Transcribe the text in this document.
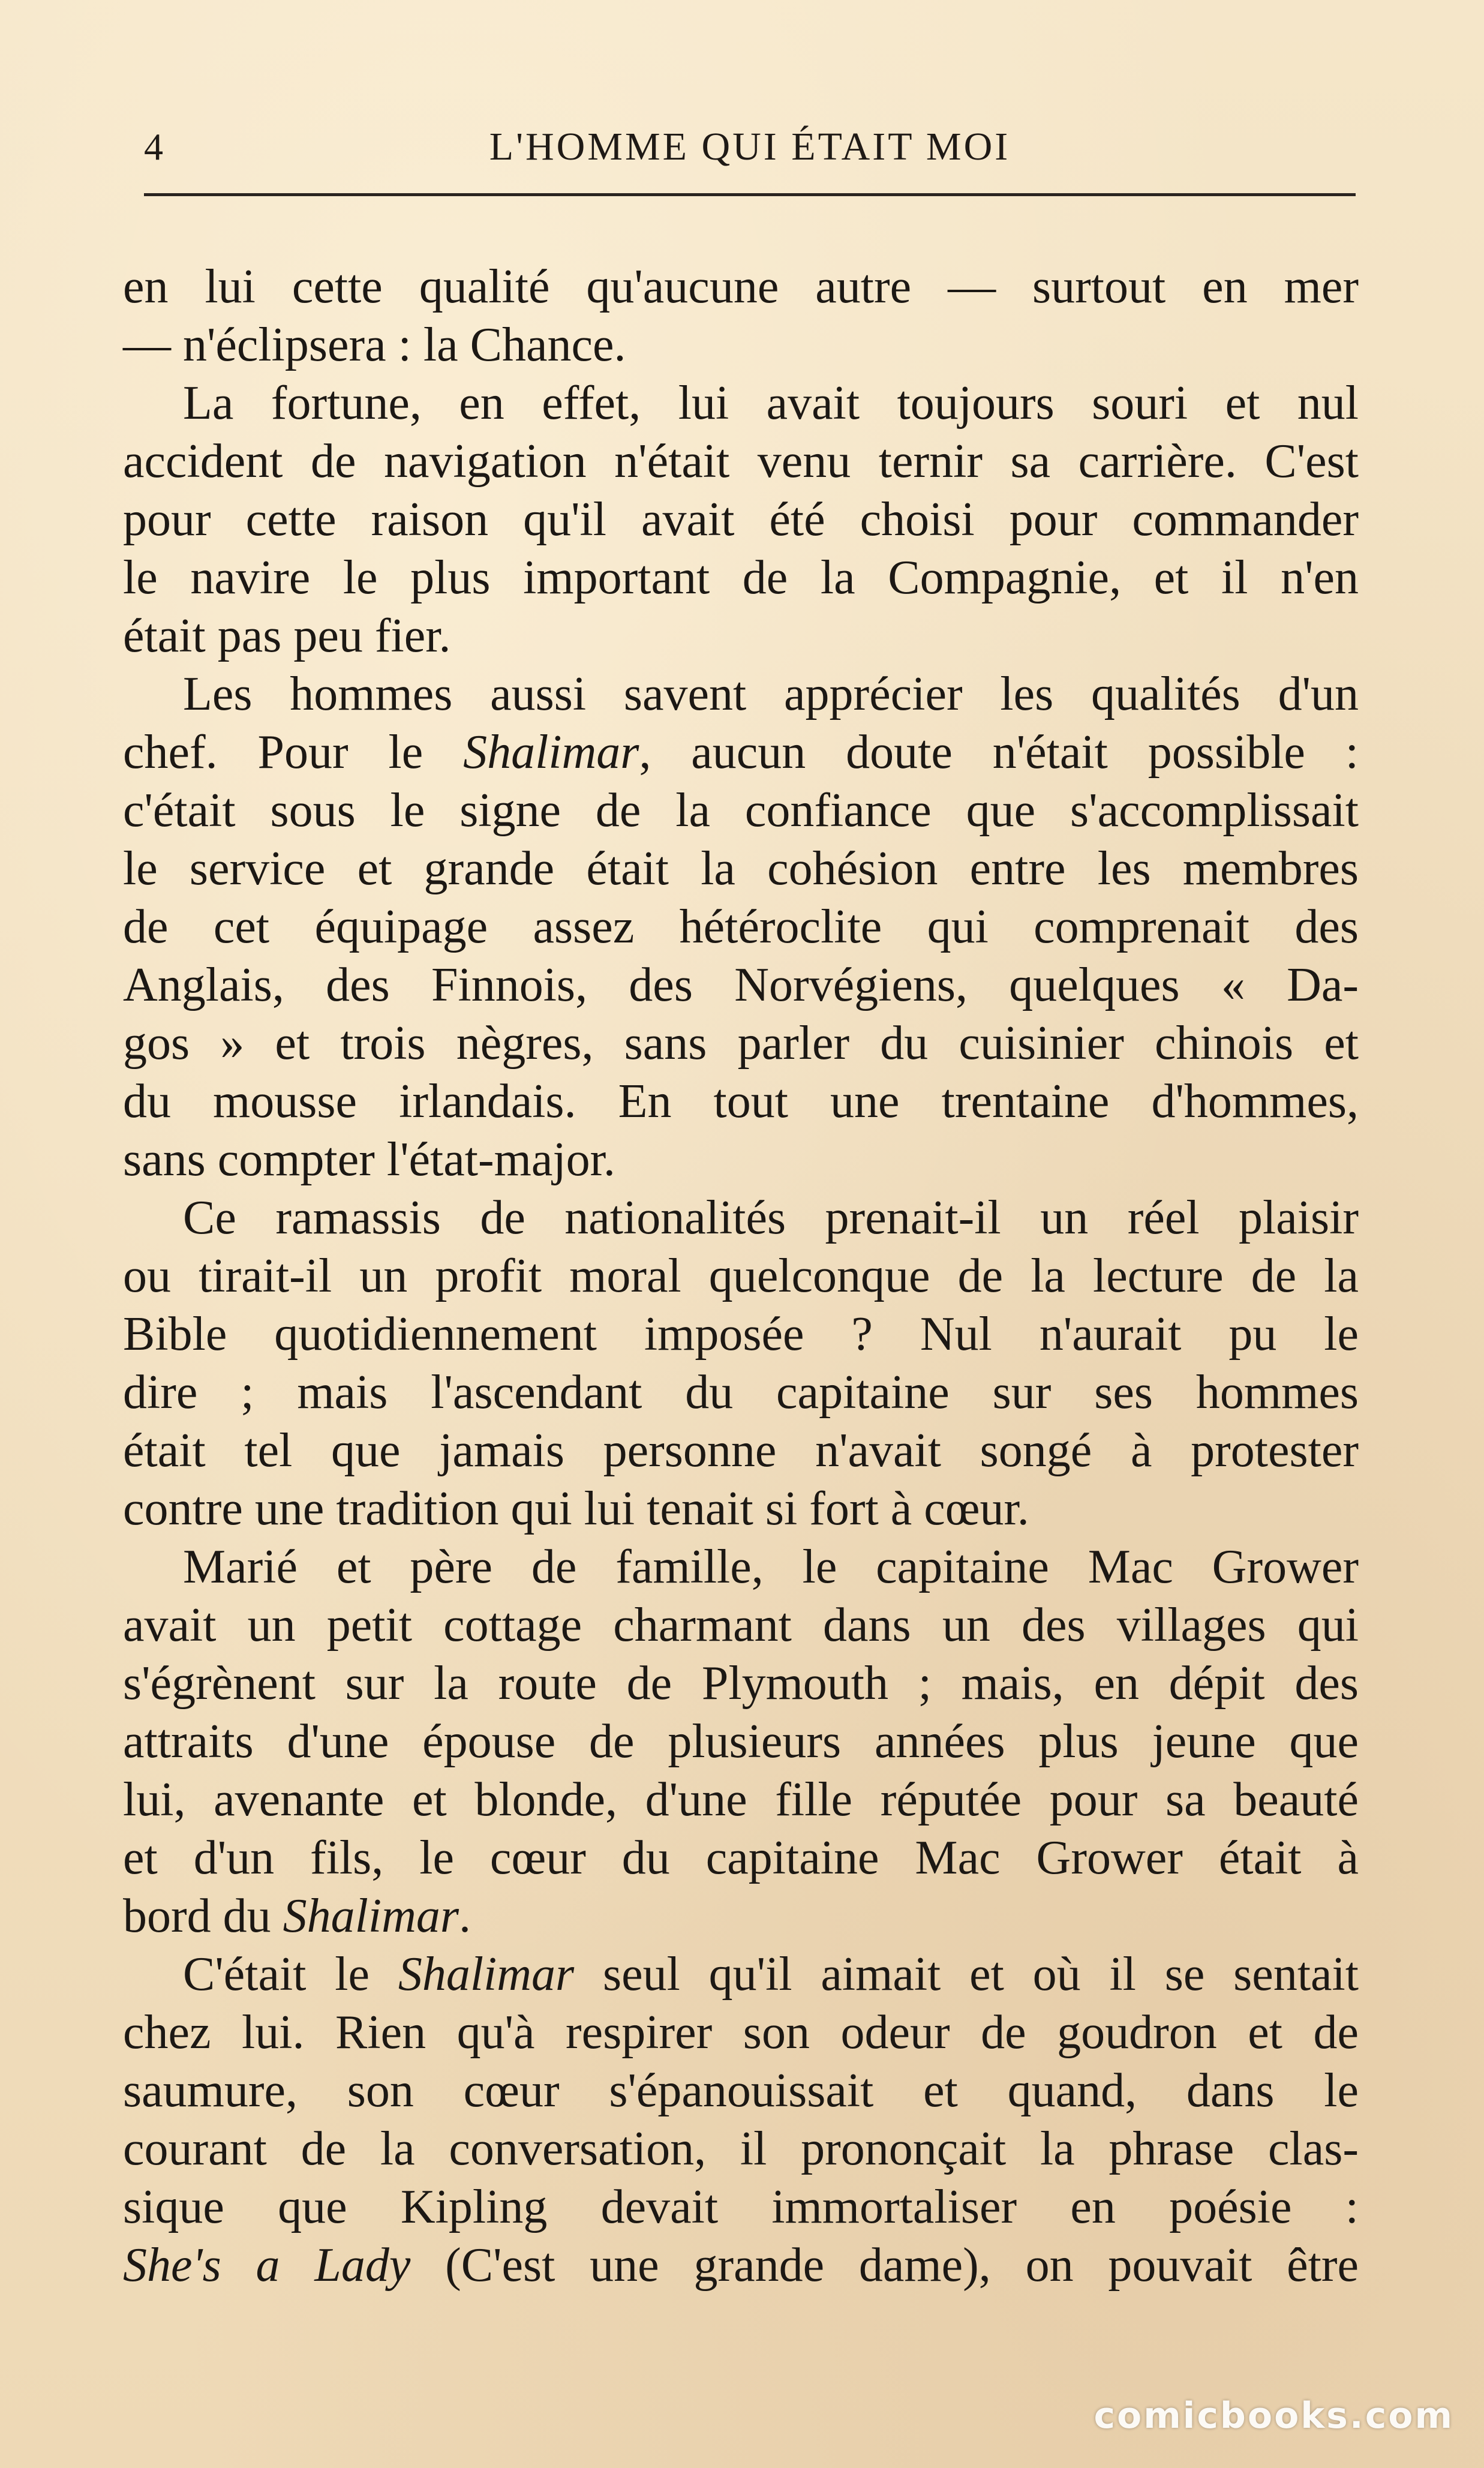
4	L'HOMME QUI ÉTAIT MOI
en lui cette qualité qu'aucune autre — surtout en mer
— n'éclipsera : la Chance.
La fortune, en effet, lui avait toujours souri et nul
accident de navigation n'était venu ternir sa carrière. C'est
pour cette raison qu'il avait été choisi pour commander
le navire le plus important de la Compagnie, et il n'en
était pas peu fier.
Les hommes aussi savent apprécier les qualités d'un
chef. Pour le Shalimar, aucun doute n'était possible :
c'était sous le signe de la confiance que s'accomplissait
le service et grande était la cohésion entre les membres
de cet équipage assez hétéroclite qui comprenait des
Anglais, des Finnois, des Norvégiens, quelques « Da-
gos » et trois nègres, sans parler du cuisinier chinois et
du mousse irlandais. En tout une trentaine d'hommes,
sans compter l'état-major.
Ce ramassis de nationalités prenait-il un réel plaisir
ou tirait-il un profit moral quelconque de la lecture de la
Bible quotidiennement imposée ? Nul n'aurait pu le
dire ; mais l'ascendant du capitaine sur ses hommes
était tel que jamais personne n'avait songé à protester
contre une tradition qui lui tenait si fort à cœur.
Marié et père de famille, le capitaine Mac Grower
avait un petit cottage charmant dans un des villages qui
s'égrènent sur la route de Plymouth ; mais, en dépit des
attraits d'une épouse de plusieurs années plus jeune que
lui, avenante et blonde, d'une fille réputée pour sa beauté
et d'un fils, le cœur du capitaine Mac Grower était à
bord du Shalimar.
C'était le Shalimar seul qu'il aimait et où il se sentait
chez lui. Rien qu'à respirer son odeur de goudron et de
saumure, son cœur s'épanouissait et quand, dans le
courant de la conversation, il prononçait la phrase clas-
sique que Kipling devait immortaliser en poésie :
She's a Lady (C'est une grande dame), on pouvait être
comicbooks.com
